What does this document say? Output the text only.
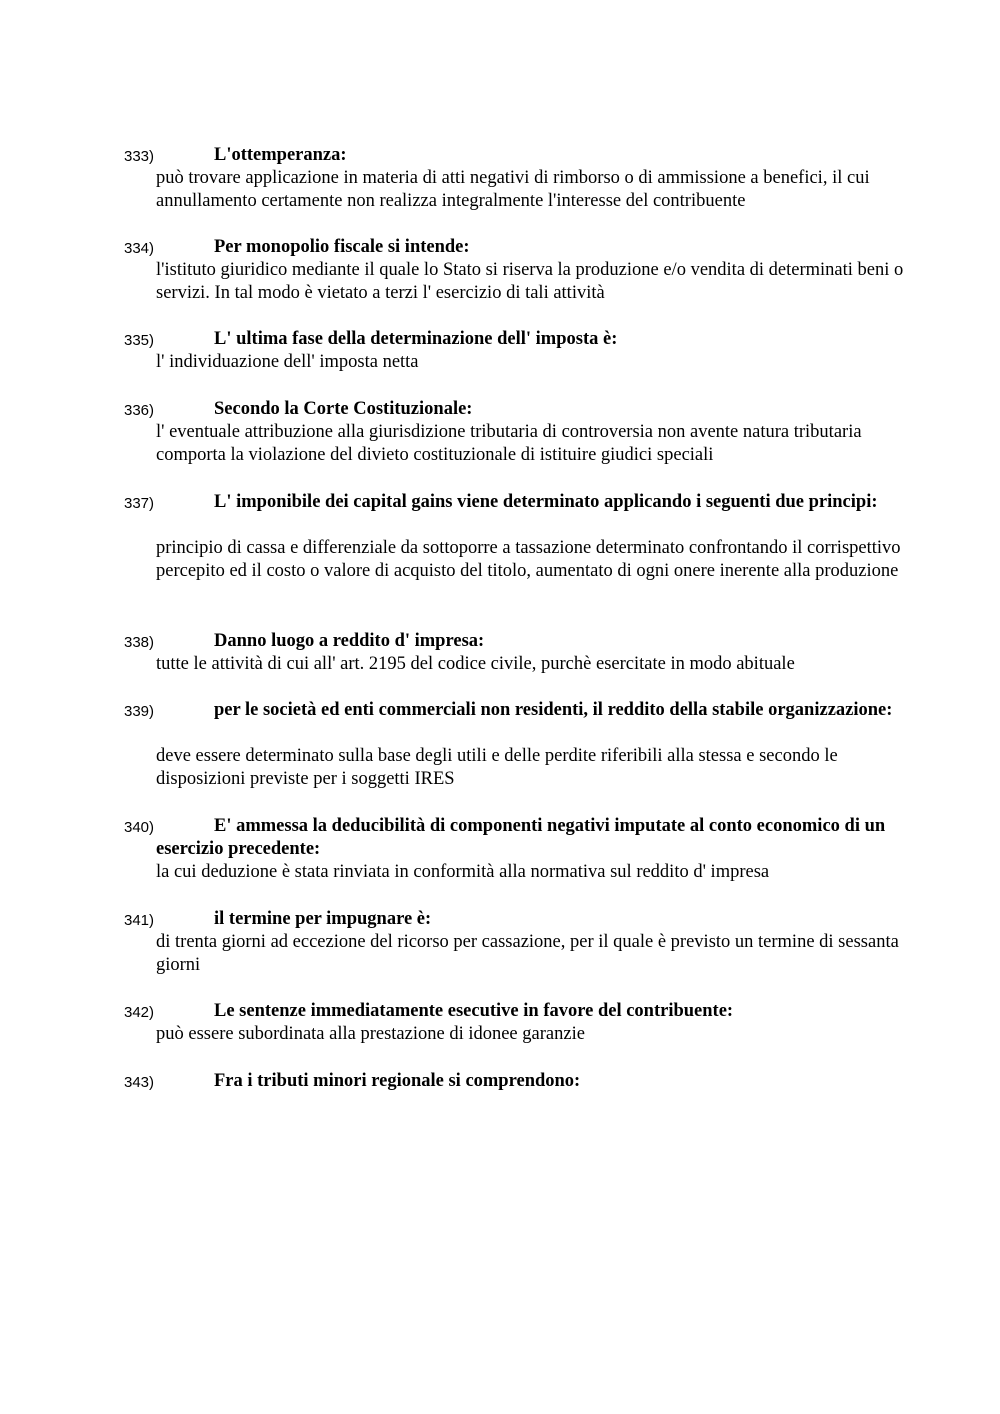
333)	L'ottemperanza:
può trovare applicazione in materia di atti negativi di rimborso o di ammissione a benefici, il cui annullamento certamente non realizza integralmente l'interesse del contribuente
334)	Per monopolio fiscale si intende:
l'istituto giuridico mediante il quale lo Stato si riserva la produzione e/o vendita di determinati beni o servizi. In tal modo è vietato a terzi l' esercizio di tali attività
335)	L' ultima fase della determinazione dell' imposta è:
l' individuazione dell' imposta netta
336)	Secondo la Corte Costituzionale:
l' eventuale attribuzione alla giurisdizione tributaria di controversia non avente natura tributaria comporta la violazione del divieto costituzionale di istituire giudici speciali
337)	L' imponibile dei capital gains viene determinato applicando i seguenti due principi:
principio di cassa e differenziale da sottoporre a tassazione determinato confrontando il corrispettivo percepito ed il costo o valore di acquisto del titolo, aumentato di ogni onere inerente alla produzione
338)	Danno luogo a reddito d' impresa:
tutte le attività di cui all' art. 2195 del codice civile, purchè esercitate in modo abituale
339)	per le società ed enti commerciali non residenti, il reddito della stabile organizzazione:
deve essere determinato sulla base degli utili e delle perdite riferibili alla stessa e secondo le disposizioni previste per i soggetti IRES
340)	E' ammessa la deducibilità di componenti negativi imputate al conto economico di un esercizio precedente:
la cui deduzione è stata rinviata in conformità alla normativa sul reddito d' impresa
341)	il termine per impugnare è:
di trenta giorni ad eccezione del ricorso per cassazione, per il quale è previsto un termine di sessanta giorni
342)	Le sentenze immediatamente esecutive in favore del contribuente:
può essere subordinata alla prestazione di idonee garanzie
343)	Fra i tributi minori regionale si comprendono:
